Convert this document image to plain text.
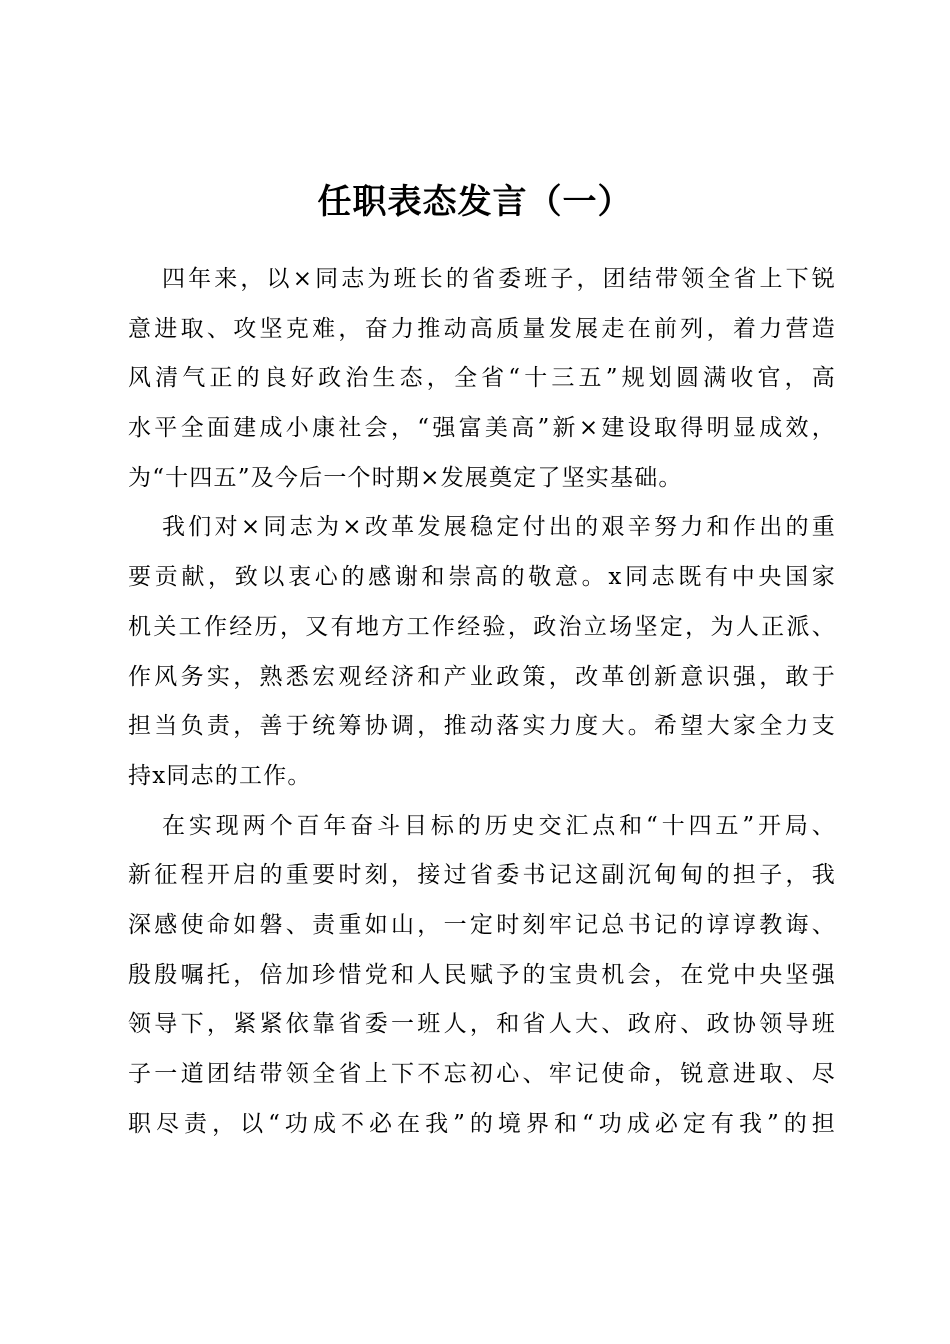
任职表态发言（一）
四年来，以×同志为班长的省委班子，团结带领全省上下锐
意进取、攻坚克难，奋力推动高质量发展走在前列，着力营造
风清气正的良好政治生态，全省“十三五”规划圆满收官，高
水平全面建成小康社会，“强富美高”新×建设取得明显成效，
为“十四五”及今后一个时期×发展奠定了坚实基础。
我们对×同志为×改革发展稳定付出的艰辛努力和作出的重
要贡献，致以衷心的感谢和崇高的敬意。x同志既有中央国家
机关工作经历，又有地方工作经验，政治立场坚定，为人正派、
作风务实，熟悉宏观经济和产业政策，改革创新意识强，敢于
担当负责，善于统筹协调，推动落实力度大。希望大家全力支
持x同志的工作。
在实现两个百年奋斗目标的历史交汇点和“十四五”开局、
新征程开启的重要时刻，接过省委书记这副沉甸甸的担子，我
深感使命如磐、责重如山，一定时刻牢记总书记的谆谆教诲、
殷殷嘱托，倍加珍惜党和人民赋予的宝贵机会，在党中央坚强
领导下，紧紧依靠省委一班人，和省人大、政府、政协领导班
子一道团结带领全省上下不忘初心、牢记使命，锐意进取、尽
职尽责，以“功成不必在我”的境界和“功成必定有我”的担
